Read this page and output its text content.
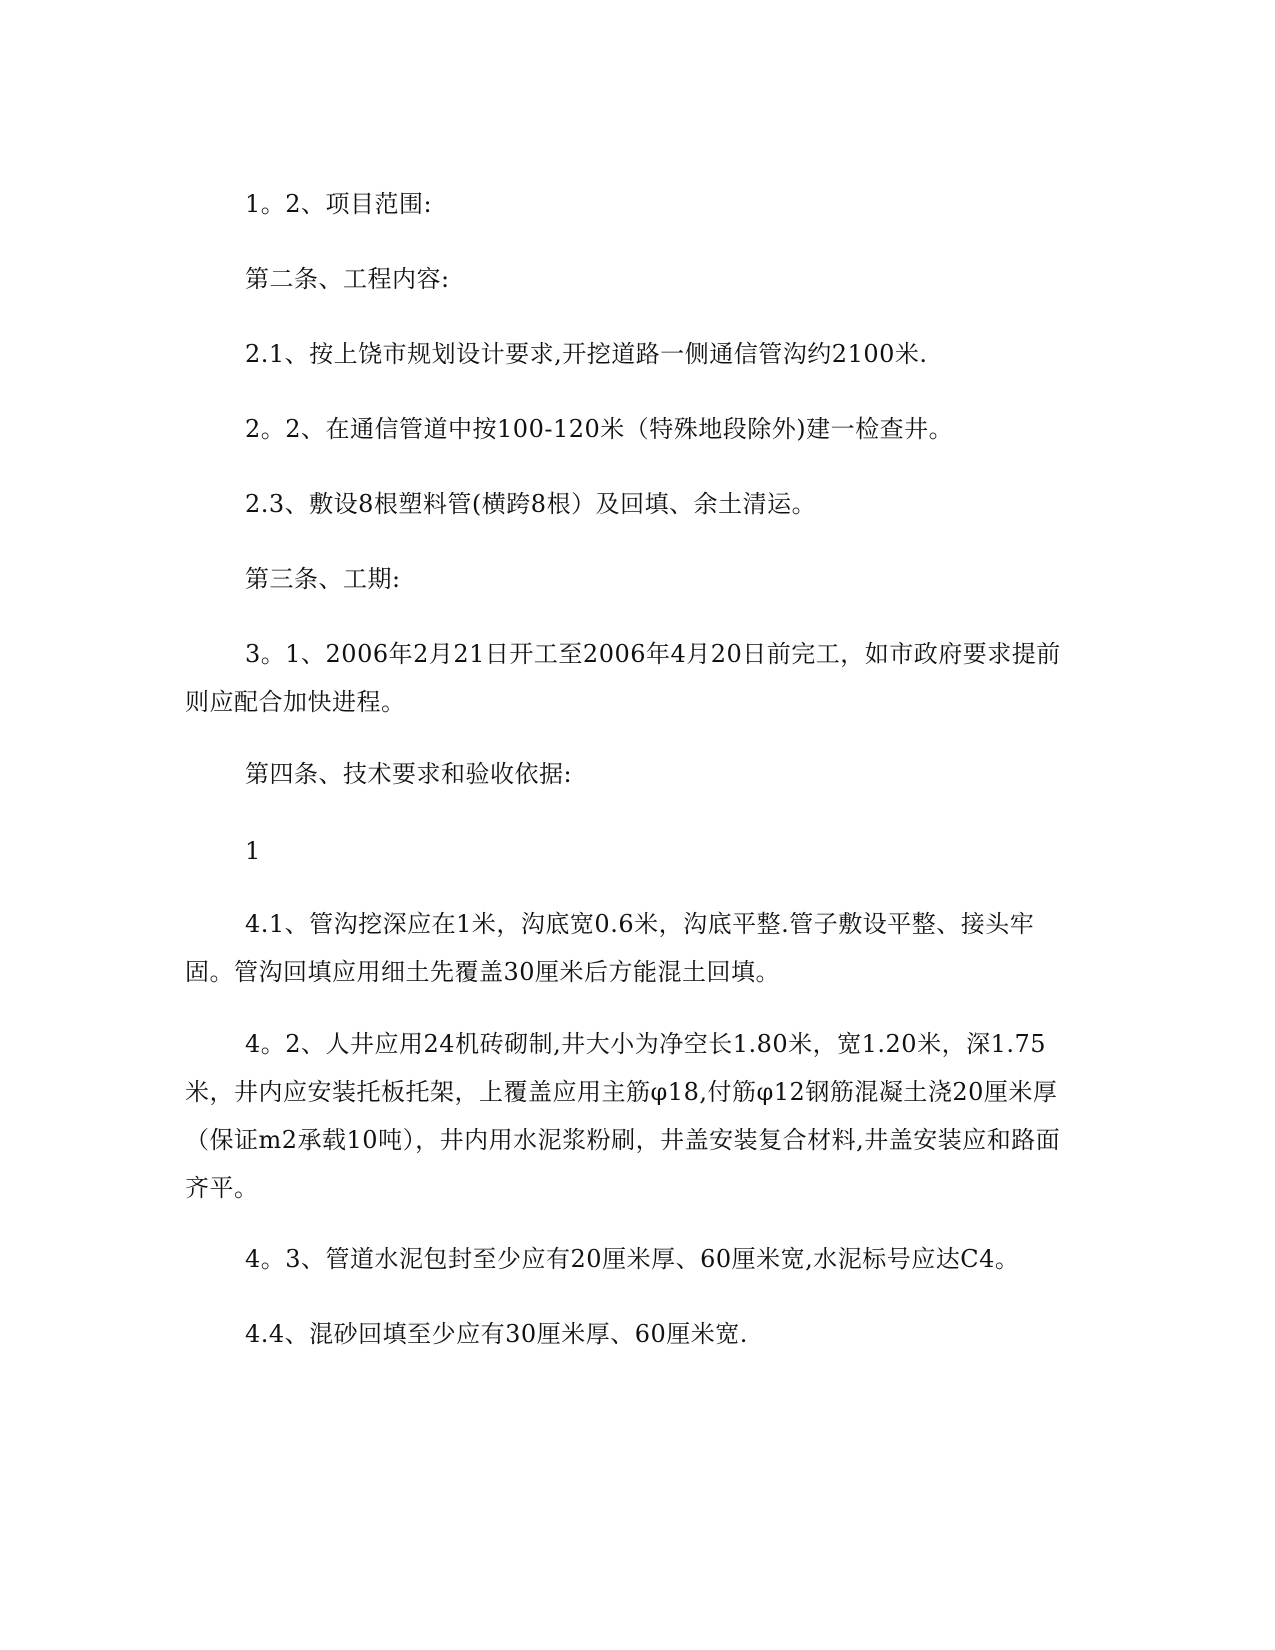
1。2、项目范围:

第二条、工程内容:

2.1、按上饶市规划设计要求,开挖道路一侧通信管沟约2100米.

2。2、在通信管道中按100-120米（特殊地段除外)建一检查井。

2.3、敷设8根塑料管(横跨8根）及回填、余土清运。

第三条、工期:

3。1、2006年2月21日开工至2006年4月20日前完工，如市政府要求提前则应配合加快进程。

第四条、技术要求和验收依据:

1

4.1、管沟挖深应在1米，沟底宽0.6米，沟底平整.管子敷设平整、接头牢固。管沟回填应用细土先覆盖30厘米后方能混土回填。

4。2、人井应用24机砖砌制,井大小为净空长1.80米，宽1.20米，深1.75米，井内应安装托板托架，上覆盖应用主筋φ18,付筋φ12钢筋混凝土浇20厘米厚（保证m2承载10吨），井内用水泥浆粉刷，井盖安装复合材料,井盖安装应和路面齐平。

4。3、管道水泥包封至少应有20厘米厚、60厘米宽,水泥标号应达C4。

4.4、混砂回填至少应有30厘米厚、60厘米宽.
